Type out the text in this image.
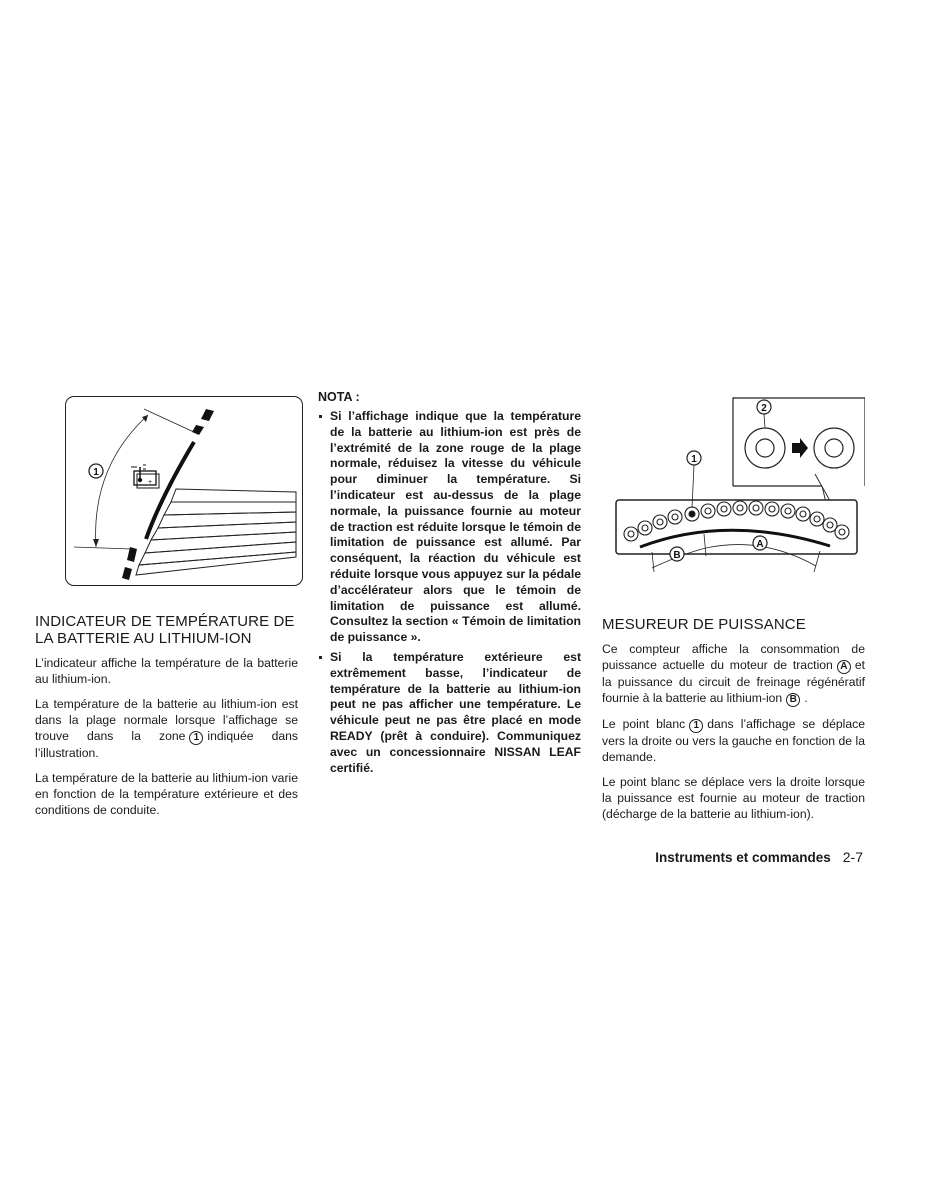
1
+
INDICATEUR DE TEMPÉRATURE DE LA BATTERIE AU LITHIUM-ION

L’indicateur affiche la température de la batterie au lithium-ion.

La température de la batterie au lithium-ion est dans la plage normale lorsque l’affichage se trouve dans la zone 1 indiquée dans l’illustration.

La température de la batterie au lithium-ion varie en fonction de la température extérieure et des conditions de conduite.

NOTA :
Si l’affichage indique que la température de la batterie au lithium-ion est près de l’extrémité de la zone rouge de la plage normale, réduisez la vitesse du véhicule pour diminuer la température. Si l’indicateur est au-dessus de la plage normale, la puissance fournie au moteur de traction est réduite lorsque le témoin de limitation de puissance est allumé. Par conséquent, la réaction du véhicule est réduite lorsque vous appuyez sur la pédale d’accélérateur alors que le témoin de limitation de puissance est allumé. Consultez la section « Témoin de limitation de puissance ».
Si la température extérieure est extrêmement basse, l’indicateur de température de la batterie au lithium-ion peut ne pas afficher une température. Le véhicule peut ne pas être placé en mode READY (prêt à conduire). Communiquez avec un concessionnaire NISSAN LEAF certifié.
2
B
A
1
MESUREUR DE PUISSANCE

Ce compteur affiche la consommation de puissance actuelle du moteur de traction A et la puissance du circuit de freinage régénératif fournie à la batterie au lithium-ion B .

Le point blanc 1 dans l’affichage se déplace vers la droite ou vers la gauche en fonction de la demande.

Le point blanc se déplace vers la droite lorsque la puissance est fournie au moteur de traction (décharge de la batterie au lithium-ion).

Instruments et commandes 2-7
